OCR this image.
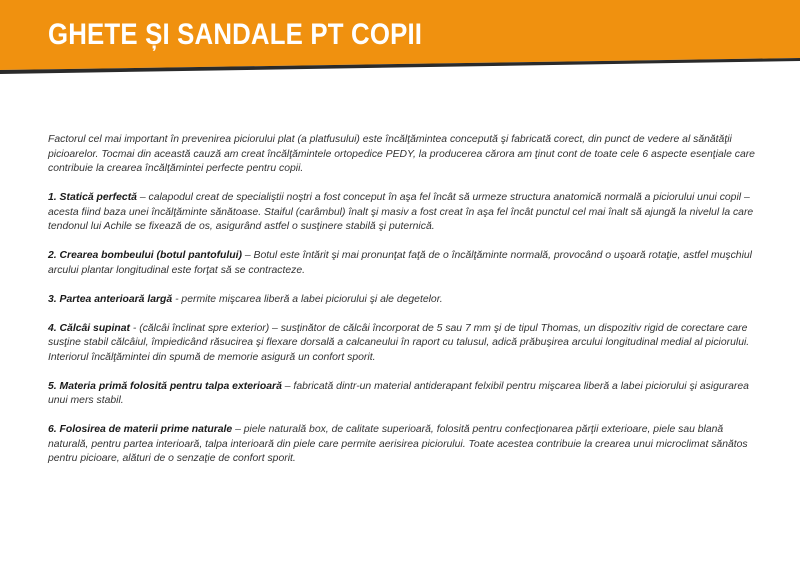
GHETE ȘI SANDALE PT COPII

Factorul cel mai important în prevenirea piciorului plat (a platfusului) este încălţămintea concepută şi fabricată corect, din punct de vedere al sănătăţii picioarelor. Tocmai din această cauză am creat încălţămintele ortopedice PEDY, la producerea cărora am ţinut cont de toate cele 6 aspecte esenţiale care contribuie la crearea încălţămintei perfecte pentru copii.

1. Statică perfectă – calapodul creat de specialiştii noştri a fost conceput în aşa fel încât să urmeze structura anatomică normală a piciorului unui copil – acesta fiind baza unei încălţăminte sănătoase. Staiful (carâmbul) înalt şi masiv a fost creat în aşa fel încât punctul cel mai înalt să ajungă la nivelul la care tendonul lui Achile se fixează de os, asigurând astfel o susţinere stabilă şi puternică.

2. Crearea bombeului (botul pantofului) – Botul este întărit şi mai pronunţat faţă de o încălţăminte normală, provocând o uşoară rotaţie, astfel muşchiul arcului plantar longitudinal este forţat să se contracteze.

3. Partea anterioară largă - permite mişcarea liberă a labei piciorului şi ale degetelor.

4. Călcâi supinat - (călcâi înclinat spre exterior) – susţinător de călcâi încorporat de 5 sau 7 mm şi de tipul Thomas, un dispozitiv rigid de corectare care susţine stabil călcâiul, împiedicând răsucirea şi flexare dorsală a calcaneului în raport cu talusul, adică prăbuşirea arcului longitudinal medial al piciorului. Interiorul încălţămintei din spumă de memorie asigură un confort sporit.

5. Materia primă folosită pentru talpa exterioară – fabricată dintr-un material antiderapant felxibil pentru mişcarea liberă a labei piciorului şi asigurarea unui mers stabil.

6. Folosirea de materii prime naturale – piele naturală box, de calitate superioară, folosită pentru confecţionarea părţii exterioare, piele sau blană naturală, pentru partea interioară, talpa interioară din piele care permite aerisirea piciorului. Toate acestea contribuie la crearea unui microclimat sănătos pentru picioare, alături de o senzaţie de confort sporit.
